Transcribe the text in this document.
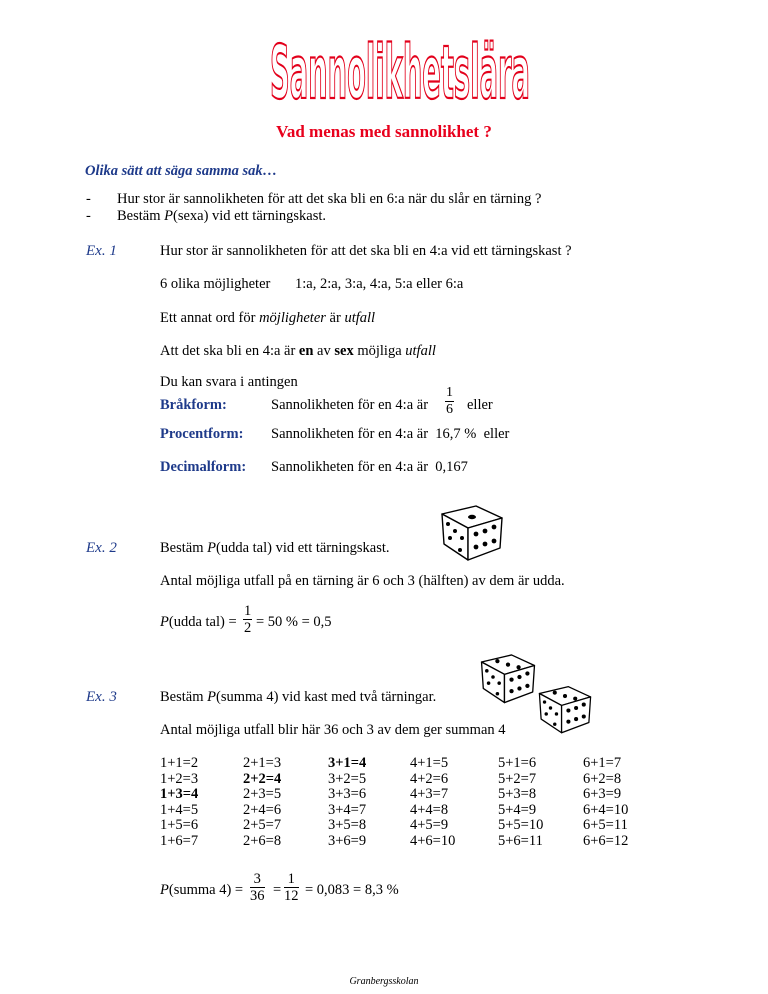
Sannolikhetslära
Vad menas med sannolikhet ?
Olika sätt att säga samma sak…
- Hur stor är sannolikheten för att det ska bli en 6:a när du slår en tärning ?
- Bestäm P(sexa) vid ett tärningskast.
Ex. 1	Hur stor är sannolikheten för att det ska bli en 4:a vid ett tärningskast ?
6 olika möjligheter 1:a, 2:a, 3:a, 4:a, 5:a eller 6:a
Ett annat ord för möjligheter är utfall
Att det ska bli en 4:a är en av sex möjliga utfall
Du kan svara i antingen
Bråkform:	Sannolikheten för en 4:a är
1
6 eller
Procentform: Sannolikheten för en 4:a är  16,7 %  eller
Decimalform: Sannolikheten för en 4:a är  0,167
Ex. 2	Bestäm P(udda tal) vid ett tärningskast.
Antal möjliga utfall på en tärning är 6 och 3 (hälften) av dem är udda.
P(udda tal) =
1
2 = 50 % = 0,5
Ex. 3	Bestäm P(summa 4) vid kast med två tärningar.
Antal möjliga utfall blir här 36 och 3 av dem ger summan 4
1+1=2	2+1=3	3+1=4	4+1=5	5+1=6	6+1=7
1+2=3	2+2=4	3+2=5	4+2=6	5+2=7	6+2=8
1+3=4	2+3=5	3+3=6	4+3=7	5+3=8	6+3=9
1+4=5	2+4=6	3+4=7	4+4=8	5+4=9	6+4=10
1+5=6	2+5=7	3+5=8	4+5=9	5+5=10	6+5=11
1+6=7	2+6=8	3+6=9	4+6=10	5+6=11	6+6=12
P(summa 4) =
3
36 =
1
12 = 0,083 = 8,3 %
Granbergsskolan
